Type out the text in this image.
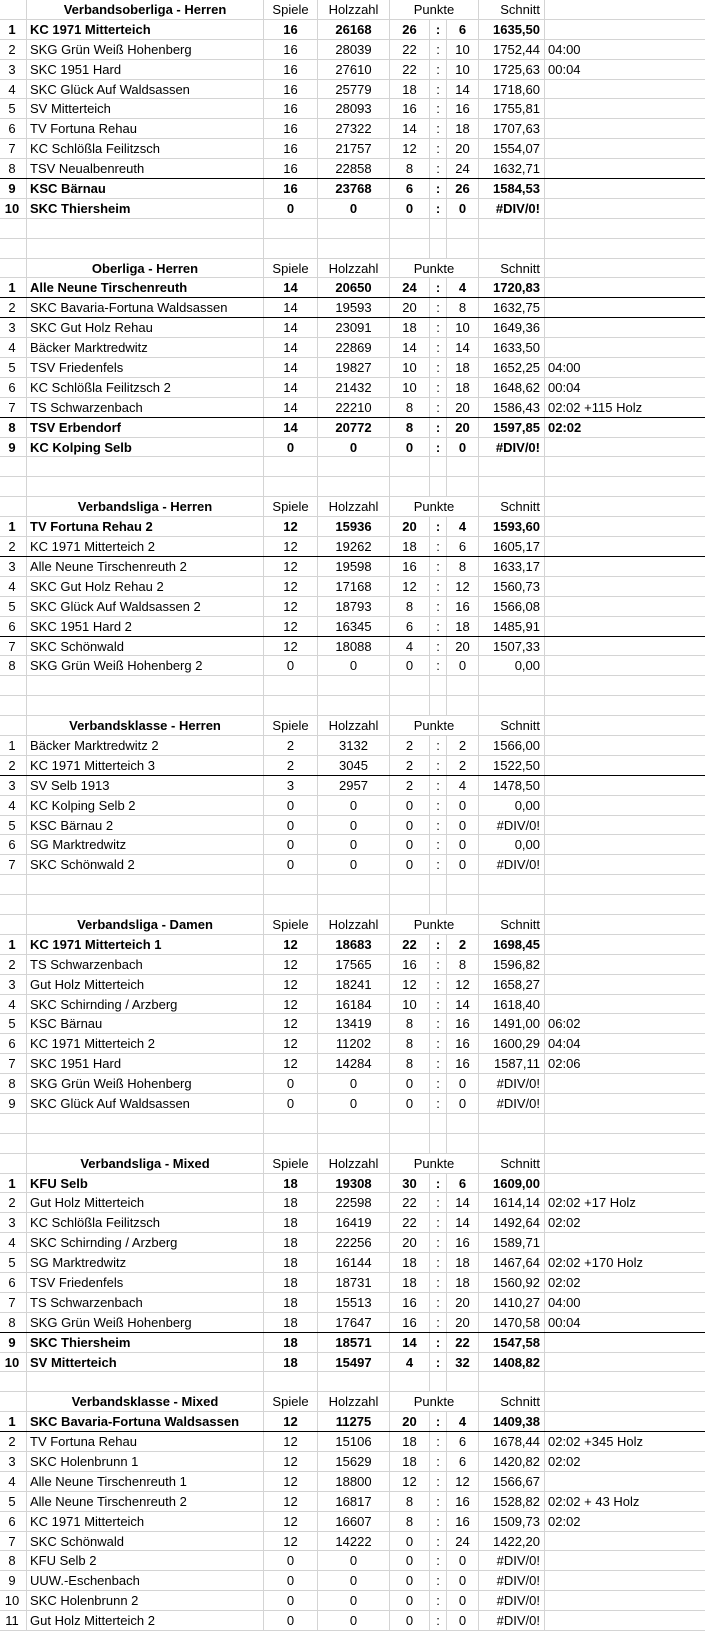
Verbandsoberliga - Herren	Spiele	Holzzahl	Punkte	Schnitt
1	KC 1971 Mitterteich	16	26168	26	:	6	1635,50
2	SKG Grün Weiß Hohenberg	16	28039	22	:	10	1752,44 04:00
3	SKC 1951 Hard	16	27610	22	:	10	1725,63 00:04
4	SKC Glück Auf Waldsassen	16	25779	18	:	14	1718,60
5	SV Mitterteich	16	28093	16	:	16	1755,81
6	TV Fortuna Rehau	16	27322	14	:	18	1707,63
7	KC Schlößla Feilitzsch	16	21757	12	:	20	1554,07
8	TSV Neualbenreuth	16	22858	8	:	24	1632,71
9	KSC Bärnau	16	23768	6	:	26	1584,53
10 SKC Thiersheim	0	0	0	:	0	#DIV/0!
Oberliga - Herren	Spiele	Holzzahl	Punkte	Schnitt
1	Alle Neune Tirschenreuth	14	20650	24	:	4	1720,83
2	SKC Bavaria-Fortuna Waldsassen	14	19593	20	:	8	1632,75
3	SKC Gut Holz Rehau	14	23091	18	:	10	1649,36
4	Bäcker Marktredwitz	14	22869	14	:	14	1633,50
5	TSV Friedenfels	14	19827	10	:	18	1652,25 04:00
6	KC Schlößla Feilitzsch 2	14	21432	10	:	18	1648,62 00:04
7	TS Schwarzenbach	14	22210	8	:	20	1586,43 02:02 +115 Holz
8	TSV Erbendorf	14	20772	8	:	20	1597,85 02:02
9	KC Kolping Selb	0	0	0	:	0	#DIV/0!
Verbandsliga - Herren	Spiele	Holzzahl	Punkte	Schnitt
1	TV Fortuna Rehau 2	12	15936	20	:	4	1593,60
2	KC 1971 Mitterteich 2	12	19262	18	:	6	1605,17
3	Alle Neune Tirschenreuth 2	12	19598	16	:	8	1633,17
4	SKC Gut Holz Rehau 2	12	17168	12	:	12	1560,73
5	SKC Glück Auf Waldsassen 2	12	18793	8	:	16	1566,08
6	SKC 1951 Hard 2	12	16345	6	:	18	1485,91
7	SKC Schönwald	12	18088	4	:	20	1507,33
8	SKG Grün Weiß Hohenberg 2	0	0	0	:	0	0,00
Verbandsklasse - Herren	Spiele	Holzzahl	Punkte	Schnitt
1	Bäcker Marktredwitz 2	2	3132	2	:	2	1566,00
2	KC 1971 Mitterteich 3	2	3045	2	:	2	1522,50
3	SV Selb 1913	3	2957	2	:	4	1478,50
4	KC Kolping Selb 2	0	0	0	:	0	0,00
5	KSC Bärnau 2	0	0	0	:	0	#DIV/0!
6	SG Marktredwitz	0	0	0	:	0	0,00
7	SKC Schönwald 2	0	0	0	:	0	#DIV/0!
Verbandsliga - Damen	Spiele	Holzzahl	Punkte	Schnitt
1	KC 1971 Mitterteich 1	12	18683	22	:	2	1698,45
2	TS Schwarzenbach	12	17565	16	:	8	1596,82
3	Gut Holz Mitterteich	12	18241	12	:	12	1658,27
4	SKC Schirnding / Arzberg	12	16184	10	:	14	1618,40
5	KSC Bärnau	12	13419	8	:	16	1491,00 06:02
6	KC 1971 Mitterteich 2	12	11202	8	:	16	1600,29 04:04
7	SKC 1951 Hard	12	14284	8	:	16	1587,11 02:06
8	SKG Grün Weiß Hohenberg	0	0	0	:	0	#DIV/0!
9	SKC Glück Auf Waldsassen	0	0	0	:	0	#DIV/0!
Verbandsliga - Mixed	Spiele	Holzzahl	Punkte	Schnitt
1	KFU Selb	18	19308	30	:	6	1609,00
2	Gut Holz Mitterteich	18	22598	22	:	14	1614,14 02:02 +17 Holz
3	KC Schlößla Feilitzsch	18	16419	22	:	14	1492,64 02:02
4	SKC Schirnding / Arzberg	18	22256	20	:	16	1589,71
5	SG Marktredwitz	18	16144	18	:	18	1467,64 02:02 +170 Holz
6	TSV Friedenfels	18	18731	18	:	18	1560,92 02:02
7	TS Schwarzenbach	18	15513	16	:	20	1410,27 04:00
8	SKG Grün Weiß Hohenberg	18	17647	16	:	20	1470,58 00:04
9	SKC Thiersheim	18	18571	14	:	22	1547,58
10 SV Mitterteich	18	15497	4	:	32	1408,82
Verbandsklasse - Mixed	Spiele	Holzzahl	Punkte	Schnitt
1	SKC Bavaria-Fortuna Waldsassen	12	11275	20	:	4	1409,38
2	TV Fortuna Rehau	12	15106	18	:	6	1678,44 02:02 +345 Holz
3	SKC Holenbrunn 1	12	15629	18	:	6	1420,82 02:02
4	Alle Neune Tirschenreuth 1	12	18800	12	:	12	1566,67
5	Alle Neune Tirschenreuth 2	12	16817	8	:	16	1528,82 02:02 + 43 Holz
6	KC 1971 Mitterteich	12	16607	8	:	16	1509,73 02:02
7	SKC Schönwald	12	14222	0	:	24	1422,20
8	KFU Selb 2	0	0	0	:	0	#DIV/0!
9	UUW.-Eschenbach	0	0	0	:	0	#DIV/0!
10 SKC Holenbrunn 2	0	0	0	:	0	#DIV/0!
11 Gut Holz Mitterteich 2	0	0	0	:	0	#DIV/0!
